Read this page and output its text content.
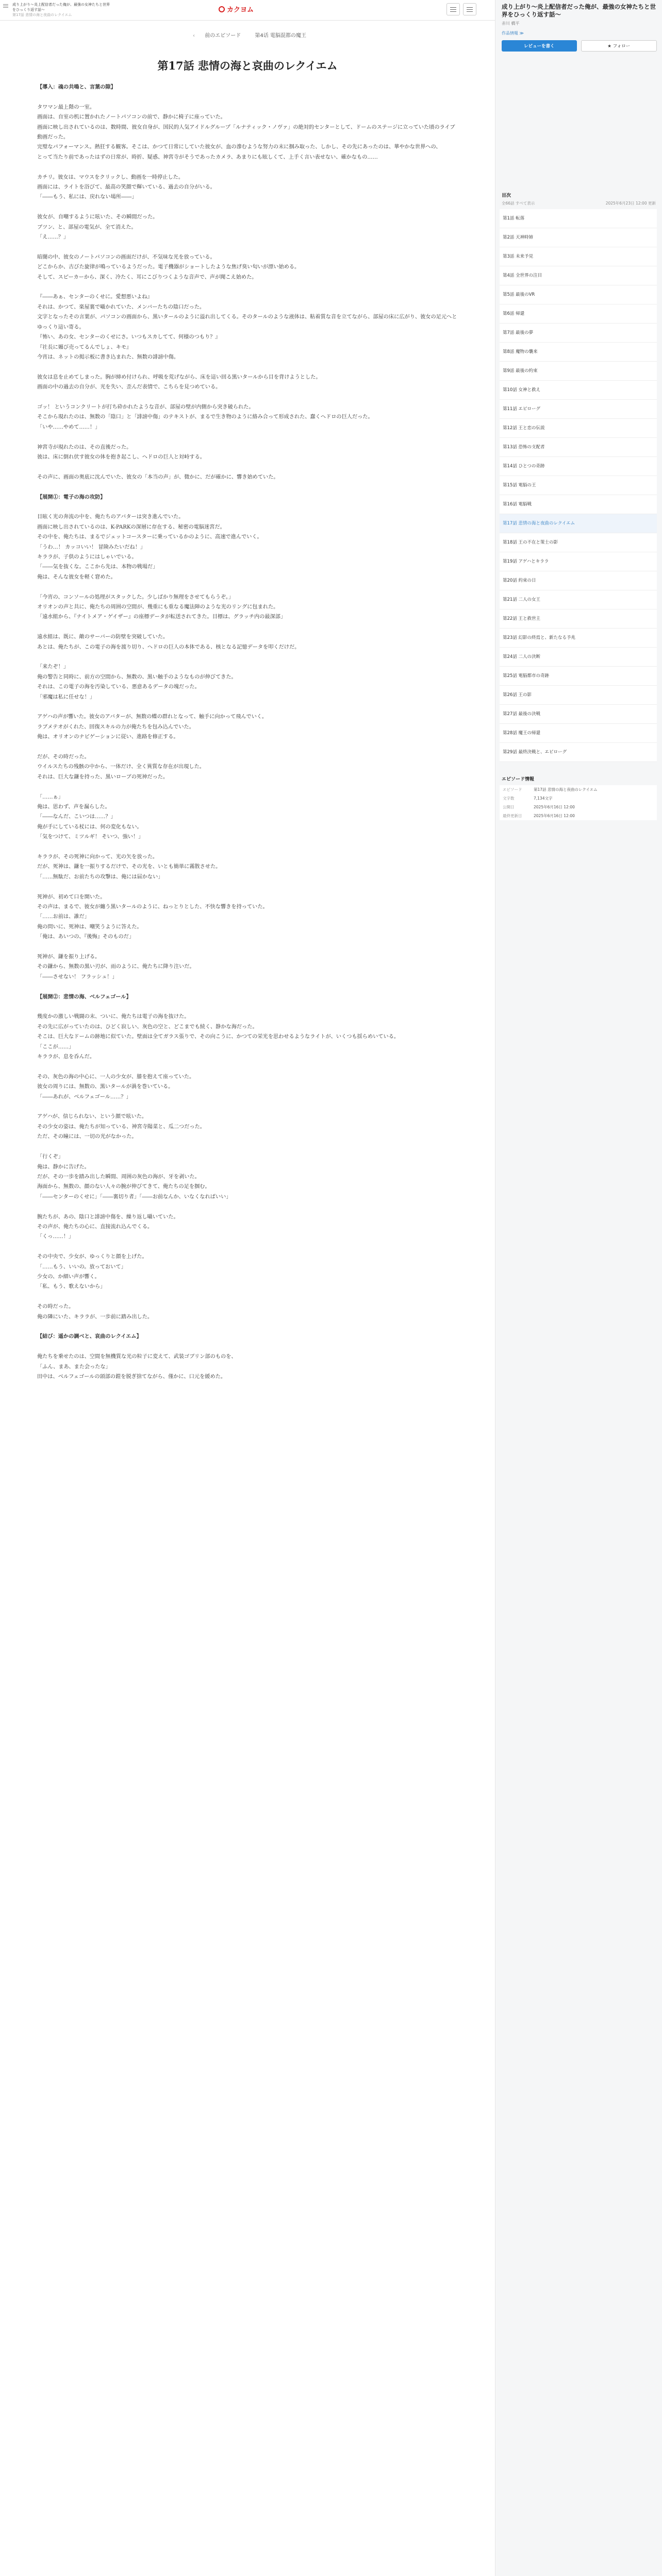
成り上がり〜炎上配信者だった俺が、最強の女神たちと世界をひっくり返す話〜
第17話 悲情の海と夜曲のレクイエム
カクヨム
‹ 前のエピソード	第4话 電脳混都の魔王
第17話 悲情の海と哀曲のレクイエム

【導入：魂の共鳴と、言葉の隙】

タワマン最上階の一室。

画面は、自室の机に置かれたノートパソコンの前で、静かに椅子に座っていた。

画面に映し出されているのは、数時間、彼女自身が、国民的人気アイドルグループ「ルナティック・ノヴァ」の絶対的センターとして、ドームのステージに立っていた頃のライブ動画だった。

完璧なパフォーマンス。熱狂する観客。そこは、かつて日常にしていた彼女が、血の滲むような努力の末に掴み取った、しかし、その先にあったのは、華やかな世界への、

とって当たり前であったはずの日常が、時折、疑惑、神宮寺がそうであったカメラ、あまりにも眩しくて、上手く言い表せない、確かなもの……

カチリ。彼女は、マウスをクリックし、動画を一時停止した。

画面には、ライトを浴びて、最高の笑顔で輝いている、過去の自分がいる。

「――もう、私には、戻れない場所――」

彼女が、自嘲するように呟いた、その瞬間だった。

ブツン、と、部屋の電気が、全て消えた。

「え……？」

暗闇の中、彼女のノートパソコンの画面だけが、不気味な光を放っている。

どこからか、古びた旋律が鳴っているようだった。電子機器がショートしたような焦げ臭い匂いが漂い始める。

そして、スピーカーから、深く、冷たく、耳にこびりつくような音声で、声が聞こえ始めた。

『――あぁ、センターのくせに。愛想悪いよね』

それは、かつて、楽屋裏で囁かれていた、メンバーたちの陰口だった。

文字となったその言葉が、パソコンの画面から、黒いタールのように溢れ出してくる。そのタールのような液体は、粘着質な音を立てながら、部屋の床に広がり、彼女の足元へとゆっくり這い寄る。

『怖い、あの女、センターのくせにさ。いつもスカしてて、何様のつもり？』

『社長に媚び売ってるんでしょ、キモ』

今宵は、ネットの掲示板に書き込まれた、無数の誹謗中傷。

彼女は息を止めてしまった。胸が締め付けられ、呼吸を荒げながら、床を這い回る黒いタールから目を背けようとした。

画面の中の過去の自分が、光を失い、歪んだ表情で、こちらを見つめている。

ゴッ！ というコンクリートが打ち砕かれたような音が、部屋の壁が内側から突き破られた。

そこから現れたのは、無数の「陰口」と「誹謗中傷」のテキストが、まるで生き物のように絡み合って形成された、蠢くヘドロの巨人だった。

「いや……やめて……！」

神宮寺が現れたのは、その直後だった。

彼は、床に倒れ伏す彼女の体を抱き起こし、ヘドロの巨人と対峙する。

その声に、画面の奥底に沈んでいた、彼女の「本当の声」が、微かに、だが確かに、響き始めていた。

【展開①：電子の海の攻防】

目眩く光の奔流の中を、俺たちのアバターは突き進んでいた。

画面に映し出されているのは、K-PARKの深層に存在する、秘密の電脳迷宮だ。

その中を、俺たちは、まるでジェットコースターに乗っているかのように、高速で進んでいく。

「うわ…！ カッコいい！ 冒険みたいだね！」

キララが、子供のようにはしゃいでいる。

「――気を抜くな。ここから先は、本物の戦場だ」

俺は、そんな彼女を軽く窘めた。

「今宵の、コンソールの処理がスタックした。少しばかり無理をさせてもらうぞ。」

オリオンの声と共に、俺たちの周囲の空間が、幾重にも重なる魔法陣のような光のリングに包まれた。

「遠水組から、『ナイトメア・ゲイザー』の座標データが転送されてきた。目標は、グラッチ内の最深部」

遠水組は、既に、敵のサーバーの防壁を突破していた。

あとは、俺たちが、この電子の海を渡り切り、ヘドロの巨人の本体である、核となる記憶データを叩くだけだ。

「来たぞ！」

俺の警告と同時に、前方の空間から、無数の、黒い触手のようなものが伸びてきた。

それは、この電子の海を汚染している、悪意あるデータの塊だった。

「邪魔は私に任せな！」

アゲハの声が響いた。彼女のアバターが、無数の蝶の群れとなって、触手に向かって飛んでいく。

ラブメテオがくれた、回復スキルの力が俺たちを包み込んでいた。

俺は、オリオンのナビゲーションに従い、進路を修正する。

だが、その時だった。

ウイルスたちの残骸の中から、一体だけ、全く異質な存在が出現した。

それは、巨大な鎌を持った、黒いローブの死神だった。

「……ぁ」

俺は、思わず、声を漏らした。

「――なんだ、こいつは……？」

俺が手にしている杖には、何の変化もない。

「気をつけて、ミツルギ！ そいつ、強い！」

キララが、その死神に向かって、光の矢を放った。

だが、死神は、鎌を一振りするだけで、その光を、いとも簡単に霧散させた。

「……無駄だ、お前たちの攻撃は、俺には届かない」

死神が、初めて口を開いた。

その声は、まるで、彼女が纏う黒いタールのように、ねっとりとした、不快な響きを持っていた。

「……お前は、誰だ」

俺の問いに、死神は、嘲笑うように答えた。

「俺は、あいつの、『後悔』そのものだ」

死神が、鎌を振り上げる。

その鎌から、無数の黒い刃が、雨のように、俺たちに降り注いだ。

「――させない！ フラッシュ！」

【展開②：悲情の海、ベルフェゴール】

幾度かの激しい戦闘の末、ついに、俺たちは電子の海を抜けた。

その先に広がっていたのは、ひどく寂しい、灰色の空と、どこまでも続く、静かな海だった。

そこは、巨大なドームの跡地に似ていた。壁面は全てガラス張りで、その向こうに、かつての栄光を思わせるようなライトが、いくつも揺らめいている。

「ここが……」

キララが、息を呑んだ。

その、灰色の海の中心に、一人の少女が、膝を抱えて座っていた。

彼女の周りには、無数の、黒いタールが渦を巻いている。

「――あれが、ベルフェゴール……？」

アゲハが、信じられない、という顔で呟いた。

その少女の姿は、俺たちが知っている、神宮寺陽菜と、瓜二つだった。

ただ、その瞳には、一切の光がなかった。

「行くぞ」

俺は、静かに告げた。

だが、その一歩を踏み出した瞬間、周囲の灰色の海が、牙を剥いた。

海面から、無数の、顔のない人々の腕が伸びてきて、俺たちの足を掴む。

「――センターのくせに」「――裏切り者」「――お前なんか、いなくなればいい」

腕たちが、あの、陰口と誹謗中傷を、繰り返し囁いていた。

その声が、俺たちの心に、直接流れ込んでくる。

「くっ……！」

その中央で、少女が、ゆっくりと顔を上げた。

「……もう、いいの。放っておいて」

少女の、か細い声が響く。

「私、もう、歌えないから」

その時だった。

俺の隣にいた、キララが、一歩前に踏み出した。

【結び：遥かの調べと、哀曲のレクイエム】

俺たちを乗せたのは、空間を無機質な光の粒子に変えて、武装ゴブリン部のものを、

「ふん、まあ、また会ったな」

田中は、ベルフェゴールの頭部の鎧を脱ぎ捨てながら、僅かに、口元を緩めた。

成り上がり〜炎上配信者だった俺が、最強の女神たちと世界をひっくり返す話〜
赤川 橋平
作品情報 ≫
レビューを書く	★ フォロー
目次
全66話 すべて表示	2025年6月23日 12:00 更新
第1話 転落
第2話 天神時姉
第3話 未来予見
第4話 全世界の注目
第5話 最後のVR
第6話 帰還
第7話 最後の夢
第8話 魔物の襲来
第9話 最後の約束
第10話 女神と救え
第11話 エピローグ
第12話 王と恋の伝説
第13話 恐怖の支配者
第14話 ひとつの奇跡
第15話 電脳の王
第16話 電脳戦
第17話 悲情の海と夜曲のレクイエム
第18話 王の不在と策士の影
第19話 アゲハとキララ
第20話 約束の日
第21話 二人の女王
第22話 王と救世主
第23話 幻影の終焉と、新たなる予兆
第24話 二人の決断
第25話 電脳都市の奇跡
第26話 王の影
第27話 最後の決戦
第28話 魔王の帰還
第29話 最終決戦と、エピローグ
エピソード情報
エピソード	第17話 悲情の海と夜曲のレクイエム
文字数	7,134文字
公開日	2025年6月16日 12:00
最終更新日	2025年6月16日 12:00
